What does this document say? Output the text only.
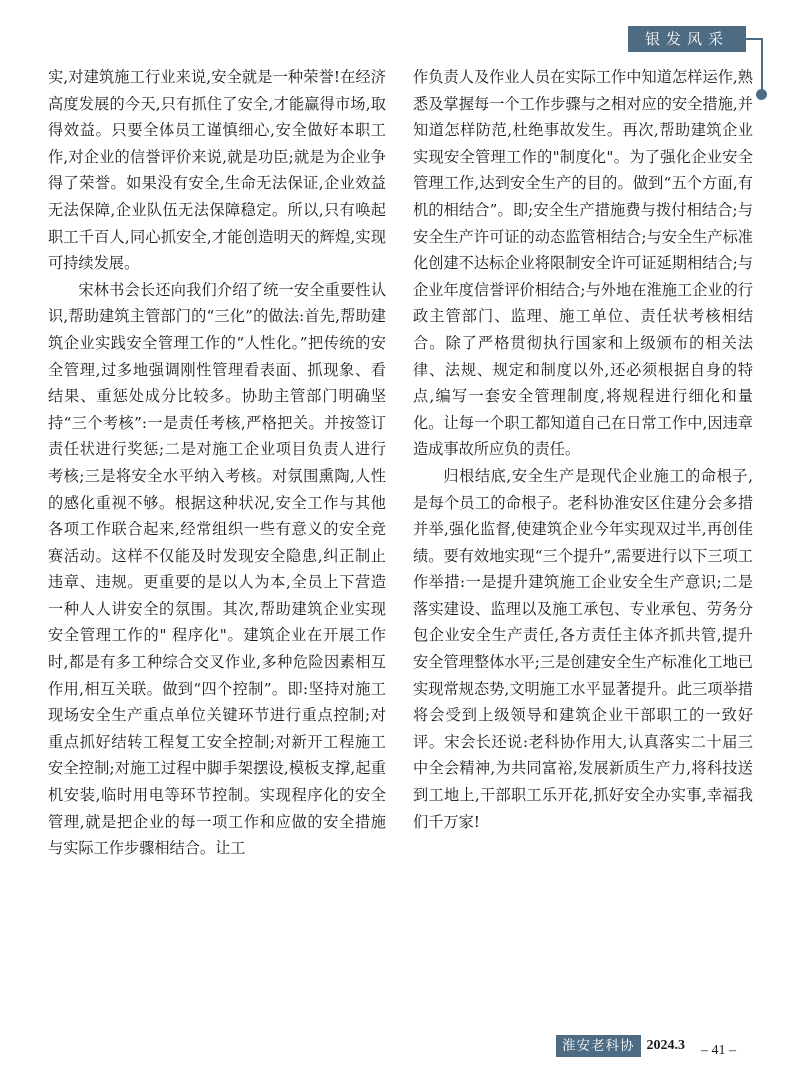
银发风采

实,对建筑施工行业来说,安全就是一种荣誉!在经济高度发展的今天,只有抓住了安全,才能赢得市场,取得效益。只要全体员工谨慎细心,安全做好本职工作,对企业的信誉评价来说,就是功臣;就是为企业争得了荣誉。如果没有安全,生命无法保证,企业效益无法保障,企业队伍无法保障稳定。所以,只有唤起职工千百人,同心抓安全,才能创造明天的辉煌,实现可持续发展。

宋林书会长还向我们介绍了统一安全重要性认识,帮助建筑主管部门的“三化”的做法:首先,帮助建筑企业实践安全管理工作的“人性化。”把传统的安全管理,过多地强调刚性管理看表面、抓现象、看结果、重惩处成分比较多。协助主管部门明确坚持“三个考核”:一是责任考核,严格把关。并按签订责任状进行奖惩;二是对施工企业项目负责人进行考核;三是将安全水平纳入考核。对氛围熏陶,人性的感化重视不够。根据这种状况,安全工作与其他各项工作联合起来,经常组织一些有意义的安全竞赛活动。这样不仅能及时发现安全隐患,纠正制止违章、违规。更重要的是以人为本,全员上下营造一种人人讲安全的氛围。其次,帮助建筑企业实现安全管理工作的" 程序化"。建筑企业在开展工作时,都是有多工种综合交叉作业,多种危险因素相互作用,相互关联。做到“四个控制”。即:坚持对施工现场安全生产重点单位关键环节进行重点控制;对重点抓好结转工程复工安全控制;对新开工程施工安全控制;对施工过程中脚手架摆设,模板支撑,起重机安装,临时用电等环节控制。实现程序化的安全管理,就是把企业的每一项工作和应做的安全措施与实际工作步骤相结合。让工

作负责人及作业人员在实际工作中知道怎样运作,熟悉及掌握每一个工作步骤与之相对应的安全措施,并知道怎样防范,杜绝事故发生。再次,帮助建筑企业实现安全管理工作的"制度化"。为了强化企业安全管理工作,达到安全生产的目的。做到“五个方面,有机的相结合”。即;安全生产措施费与拨付相结合;与安全生产许可证的动态监管相结合;与安全生产标准化创建不达标企业将限制安全许可证延期相结合;与企业年度信誉评价相结合;与外地在淮施工企业的行政主管部门、监理、施工单位、责任状考核相结合。除了严格贯彻执行国家和上级颁布的相关法律、法规、规定和制度以外,还必须根据自身的特点,编写一套安全管理制度,将规程进行细化和量化。让每一个职工都知道自己在日常工作中,因违章造成事故所应负的责任。

归根结底,安全生产是现代企业施工的命根子,是每个员工的命根子。老科协淮安区住建分会多措并举,强化监督,使建筑企业今年实现双过半,再创佳绩。要有效地实现“三个提升”,需要进行以下三项工作举措:一是提升建筑施工企业安全生产意识;二是落实建设、监理以及施工承包、专业承包、劳务分包企业安全生产责任,各方责任主体齐抓共管,提升安全管理整体水平;三是创建安全生产标准化工地已实现常规态势,文明施工水平显著提升。此三项举措将会受到上级领导和建筑企业干部职工的一致好评。宋会长还说:老科协作用大,认真落实二十届三中全会精神,为共同富裕,发展新质生产力,将科技送到工地上,干部职工乐开花,抓好安全办实事,幸福我们千万家!

淮安老科协 2024.3 – 41 –
